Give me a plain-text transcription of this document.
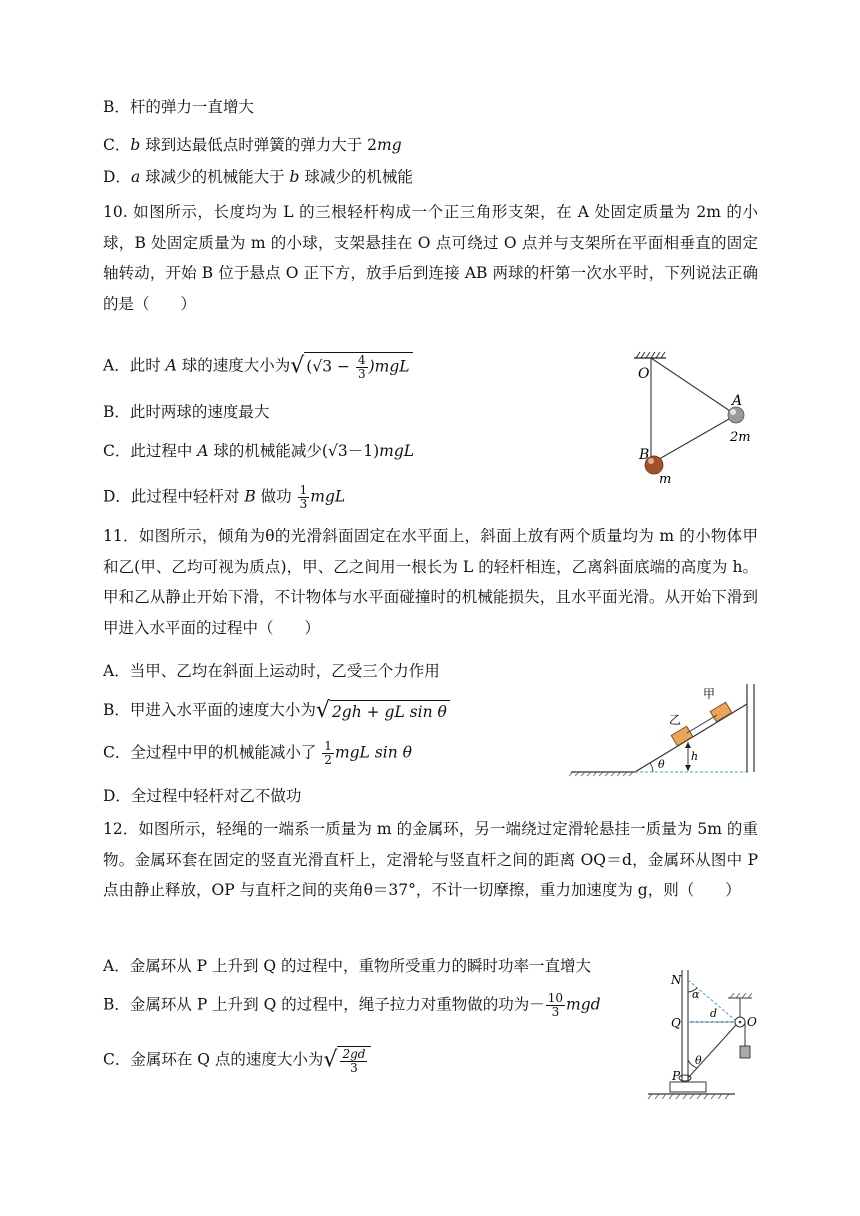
B．杆的弹力一直增大
C．b 球到达最低点时弹簧的弹力大于 2mg
D．a 球减少的机械能大于 b 球减少的机械能
10. 如图所示，长度均为 L 的三根轻杆构成一个正三角形支架，在 A 处固定质量为 2m 的小球，B 处固定质量为 m 的小球，支架悬挂在 O 点可绕过 O 点并与支架所在平面相垂直的固定轴转动，开始 B 位于悬点 O 正下方，放手后到连接 AB 两球的杆第一次水平时，下列说法正确的是（　　）
A．此时 A 球的速度大小为√ $(√3 - \frac{4}{3} )mgL$
B．此时两球的速度最大
C．此过程中 A 球的机械能减少(√3－1)mgL
D．此过程中轻杆对 B 做功 $\frac{1}{3}$ mgL
O
A
2m
B
m
11．如图所示，倾角为θ的光滑斜面固定在水平面上，斜面上放有两个质量均为 m 的小物体甲和乙(甲、乙均可视为质点)，甲、乙之间用一根长为 L 的轻杆相连，乙离斜面底端的高度为 h。甲和乙从静止开始下滑，不计物体与水平面碰撞时的机械能损失，且水平面光滑。从开始下滑到甲进入水平面的过程中（　　）
A．当甲、乙均在斜面上运动时，乙受三个力作用
B．甲进入水平面的速度大小为√ 2gh + gL sin θ
C．全过程中甲的机械能减小了 $\frac{1}{2}$ mgL sin θ
D．全过程中轻杆对乙不做功
θ
h
乙
甲
12．如图所示，轻绳的一端系一质量为 m 的金属环，另一端绕过定滑轮悬挂一质量为 5m 的重物。金属环套在固定的竖直光滑直杆上，定滑轮与竖直杆之间的距离 OQ＝d，金属环从图中 P 点由静止释放，OP 与直杆之间的夹角θ＝37°，不计一切摩擦，重力加速度为 g，则（　　）
A．金属环从 P 上升到 Q 的过程中，重物所受重力的瞬时功率一直增大
B．金属环从 P 上升到 Q 的过程中，绳子拉力对重物做的功为－ $\frac{10}{3}$ mgd
C．金属环在 Q 点的速度大小为√ $\frac{2gd}{3}$
N
Q
P
O
d
α
θ
